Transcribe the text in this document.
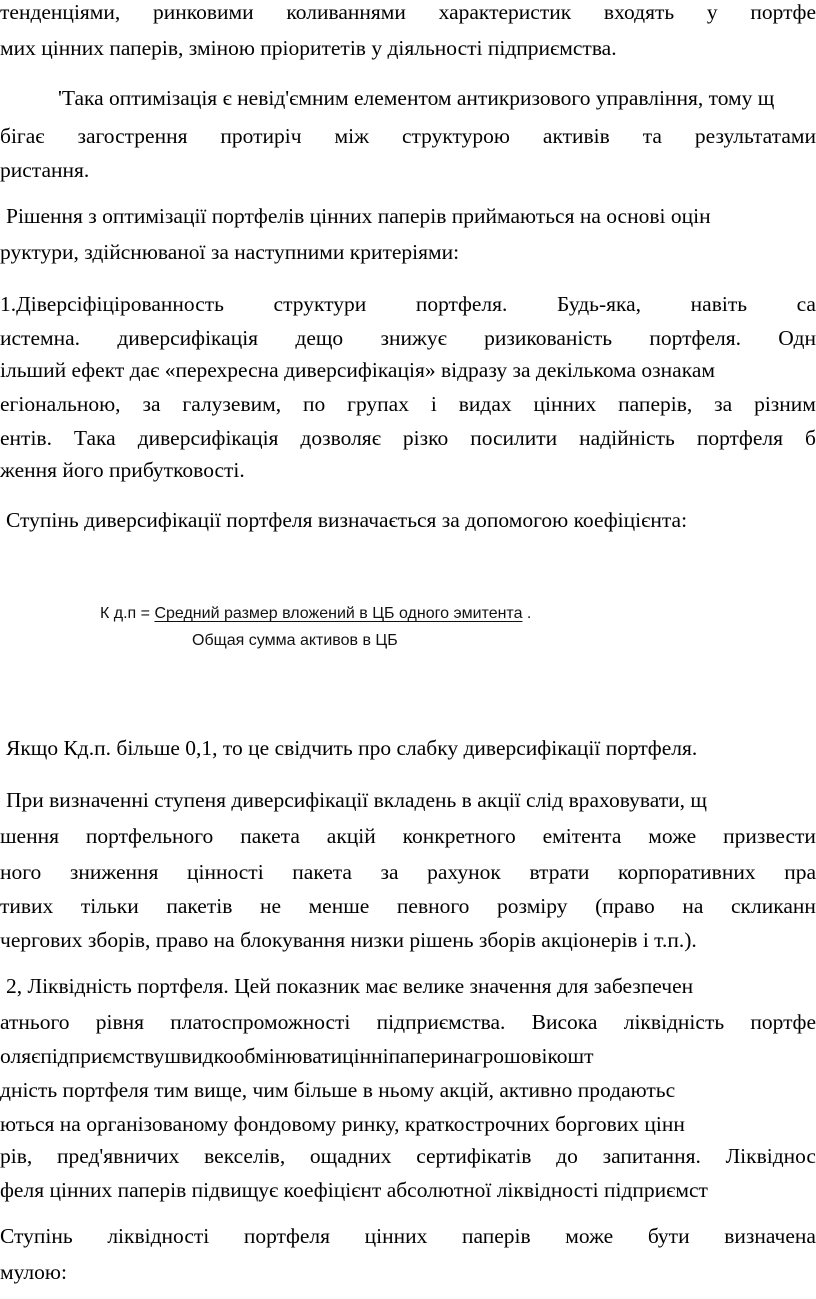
К д.п = Средний размер вложений в ЦБ одного эмитента .
Общая сумма активов в ЦБ
тенденціями, ринковими коливаннями характеристик входять у портфе
мих цінних паперів, зміною пріоритетів у діяльності підприємства.
'Така оптимізація є невід'ємним елементом антикризового управління, тому щ
бігає загострення протиріч між структурою активів та результатами
ристання.
Рішення з оптимізації портфелів цінних паперів приймаються на основі оцін
руктури, здійснюваної за наступними критеріями:
1.Діверсіфіцірованность структури портфеля. Будь-яка, навіть са
истемна. диверсифікація дещо знижує ризикованість портфеля. Одн
ільший ефект дає «перехресна диверсифікація» відразу за декількома ознакам
егіональною, за галузевим, по групах і видах цінних паперів, за різним
ентів. Така диверсифікація дозволяє різко посилити надійність портфеля б
ження його прибутковості.
Ступінь диверсифікації портфеля визначається за допомогою коефіцієнта:
Якщо Кд.п. більше 0,1, то це свідчить про слабку диверсифікації портфеля.
При визначенні ступеня диверсифікації вкладень в акції слід враховувати, щ
шення портфельного пакета акцій конкретного емітента може призвести
ного зниження цінності пакета за рахунок втрати корпоративних пра
тивих тільки пакетів не менше певного розміру (право на скликанн
чергових зборів, право на блокування низки рішень зборів акціонерів і т.п.).
2, Ліквідність портфеля. Цей показник має велике значення для забезпечен
атнього рівня платоспроможності підприємства. Висока ліквідність портфе
оляєпідприємствушвидкообмінюватицінніпаперинагрошовікошт
дність портфеля тим вище, чим більше в ньому акцій, активно продаютьс
ються на організованому фондовому ринку, краткострочних боргових цінн
рів, пред'явничих векселів, ощадних сертифікатів до запитання. Ліквіднос
феля цінних паперів підвищує коефіцієнт абсолютної ліквідності підприємст
Ступінь ліквідності портфеля цінних паперів може бути визначена
мулою:
